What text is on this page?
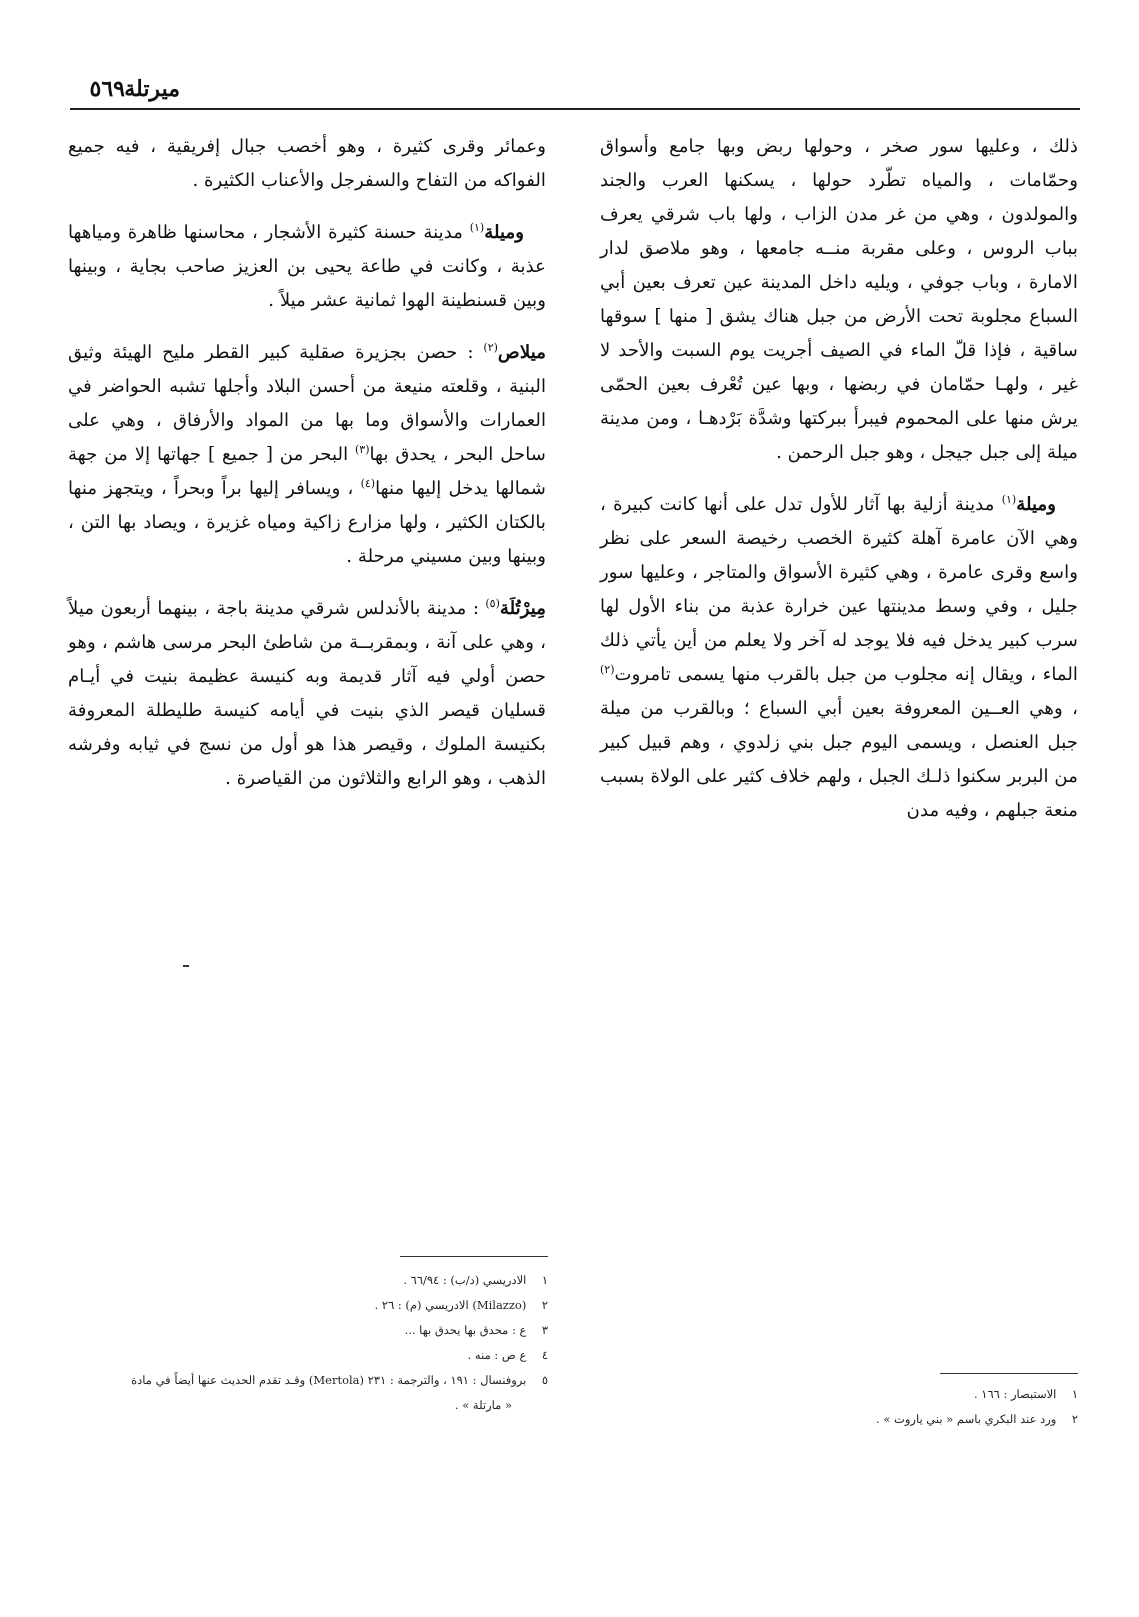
ميرتلة
٥٦٩

ذلك ، وعليها سور صخر ، وحولها ربض وبها جامع وأسواق وحمّامات ، والمياه تطّرد حولها ، يسكنها العرب والجند والمولدون ، وهي من غر مدن الزاب ، ولها باب شرقي يعرف بباب الروس ، وعلى مقربة منــه جامعها ، وهو ملاصق لدار الامارة ، وباب جوفي ، ويليه داخل المدينة عين تعرف بعين أبي السباع مجلوبة تحت الأرض من جبل هناك يشق [ منها ] سوقها ساقية ، فإذا قلّ الماء في الصيف أجريت يوم السبت والأحد لا غير ، ولهـا حمّامان في ربضها ، وبها عين تُعْرف بعين الحمّى يرش منها على المحموم فيبرأ ببركتها وشدَّة بَرْدهـا ، ومن مدينة ميلة إلى جبل جيجل ، وهو جبل الرحمن .

وميلة$^{(١)}$ مدينة أزلية بها آثار للأول تدل على أنها كانت كبيرة ، وهي الآن عامرة آهلة كثيرة الخصب رخيصة السعر على نظر واسع وقرى عامرة ، وهي كثيرة الأسواق والمتاجر ، وعليها سور جليل ، وفي وسط مدينتها عين خرارة عذبة من بناء الأول لها سرب كبير يدخل فيه فلا يوجد له آخر ولا يعلم من أين يأتي ذلك الماء ، ويقال إنه مجلوب من جبل بالقرب منها يسمى تامروت$^{(٢)}$ ، وهي العــين المعروفة بعين أبي السباع ؛ وبالقرب من ميلة جبل العنصل ، ويسمى اليوم جبل بني زلدوي ، وهم قبيل كبير من البربر سكنوا ذلـك الجبل ، ولهم خلاف كثير على الولاة بسبب منعة جبلهم ، وفيه مدن

وعمائر وقرى كثيرة ، وهو أخصب جبال إفريقية ، فيه جميع الفواكه من التفاح والسفرجل والأعناب الكثيرة .

وميلة$^{(١)}$ مدينة حسنة كثيرة الأشجار ، محاسنها ظاهرة ومياهها عذبة ، وكانت في طاعة يحيى بن العزيز صاحب بجاية ، وبينها وبين قسنطينة الهوا ثمانية عشر ميلاً .

ميلاص$^{(٢)}$ : حصن بجزيرة صقلية كبير القطر مليح الهيئة وثيق البنية ، وقلعته منيعة من أحسن البلاد وأجلها تشبه الحواضر في العمارات والأسواق وما بها من المواد والأرفاق ، وهي على ساحل البحر ، يحدق بها$^{(٣)}$ البحر من [ جميع ] جهاتها إلا من جهة شمالها يدخل إليها منها$^{(٤)}$ ، ويسافر إليها براً وبحراً ، ويتجهز منها بالكتان الكثير ، ولها مزارع زاكية ومياه غزيرة ، ويصاد بها التن ، وبينها وبين مسيني مرحلة .

مِيرْتُلَة$^{(٥)}$ : مدينة بالأندلس شرقي مدينة باجة ، بينهما أربعون ميلاً ، وهي على آنة ، وبمقربــة من شاطئ البحر مرسى هاشم ، وهو حصن أولي فيه آثار قديمة وبه كنيسة عظيمة بنيت في أيـام قسليان قيصر الذي بنيت في أيامه كنيسة طليطلة المعروفة بكنيسة الملوك ، وقيصر هذا هو أول من نسج في ثيابه وفرشه الذهب ، وهو الرابع والثلاثون من القياصرة .

١ الادريسي (د/ب) : ٦٦/٩٤ .
٢ (Milazzo) الادريسي (م) : ٢٦ .
٣ ع : محدق بها يحدق بها ...
٤ ع ص : منه .
٥ بروفنسال : ١٩١ ، والترجمة : ٢٣١ (Mertola) وقـد تقدم الحديث عنها أيضاً في مادة
« مارتلة » .
١ الاستبصار : ١٦٦ .
٢ ورد عند البكري باسم « بني ياروت » .
